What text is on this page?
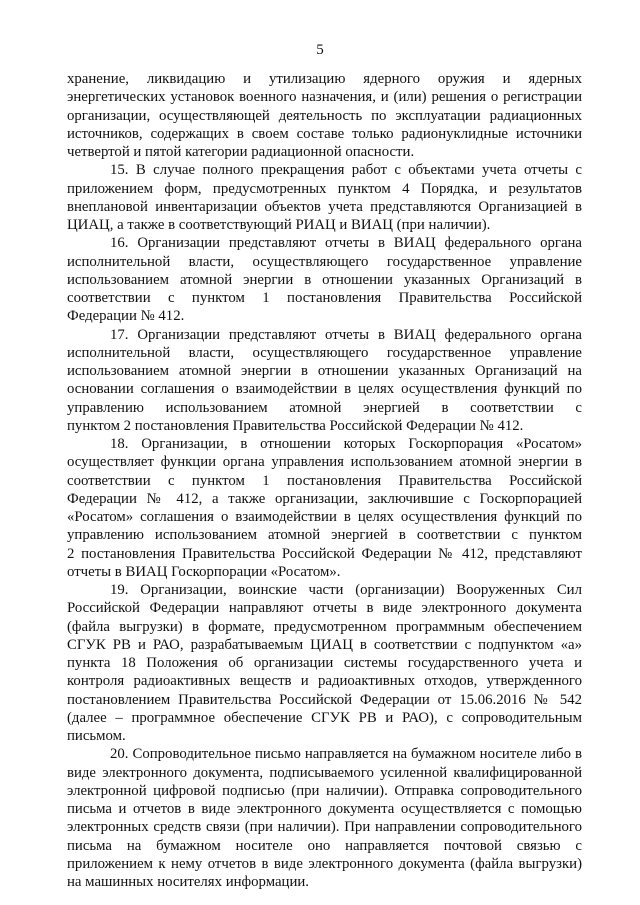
5
хранение, ликвидацию и утилизацию ядерного оружия и ядерных
энергетических установок военного назначения, и (или) решения о регистрации
организации, осуществляющей деятельность по эксплуатации радиационных
источников, содержащих в своем составе только радионуклидные источники
четвертой и пятой категории радиационной опасности.
15. В случае полного прекращения работ с объектами учета отчеты с
приложением форм, предусмотренных пунктом 4 Порядка, и результатов
внеплановой инвентаризации объектов учета представляются Организацией в
ЦИАЦ, а также в соответствующий РИАЦ и ВИАЦ (при наличии).
16. Организации представляют отчеты в ВИАЦ федерального органа
исполнительной власти, осуществляющего государственное управление
использованием атомной энергии в отношении указанных Организаций в
соответствии с пунктом 1 постановления Правительства Российской
Федерации № 412.
17. Организации представляют отчеты в ВИАЦ федерального органа
исполнительной власти, осуществляющего государственное управление
использованием атомной энергии в отношении указанных Организаций на
основании соглашения о взаимодействии в целях осуществления функций по
управлению использованием атомной энергией в соответствии с
пунктом 2 постановления Правительства Российской Федерации № 412.
18. Организации, в отношении которых Госкорпорация «Росатом»
осуществляет функции органа управления использованием атомной энергии в
соответствии с пунктом 1 постановления Правительства Российской
Федерации № 412, а также организации, заключившие с Госкорпорацией
«Росатом» соглашения о взаимодействии в целях осуществления функций по
управлению использованием атомной энергией в соответствии с пунктом
2 постановления Правительства Российской Федерации № 412, представляют
отчеты в ВИАЦ Госкорпорации «Росатом».
19. Организации, воинские части (организации) Вооруженных Сил
Российской Федерации направляют отчеты в виде электронного документа
(файла выгрузки) в формате, предусмотренном программным обеспечением
СГУК РВ и РАО, разрабатываемым ЦИАЦ в соответствии с подпунктом «а»
пункта 18 Положения об организации системы государственного учета и
контроля радиоактивных веществ и радиоактивных отходов, утвержденного
постановлением Правительства Российской Федерации от 15.06.2016 № 542
(далее – программное обеспечение СГУК РВ и РАО), с сопроводительным
письмом.
20. Сопроводительное письмо направляется на бумажном носителе либо в
виде электронного документа, подписываемого усиленной квалифицированной
электронной цифровой подписью (при наличии). Отправка сопроводительного
письма и отчетов в виде электронного документа осуществляется с помощью
электронных средств связи (при наличии). При направлении сопроводительного
письма на бумажном носителе оно направляется почтовой связью с
приложением к нему отчетов в виде электронного документа (файла выгрузки)
на машинных носителях информации.
